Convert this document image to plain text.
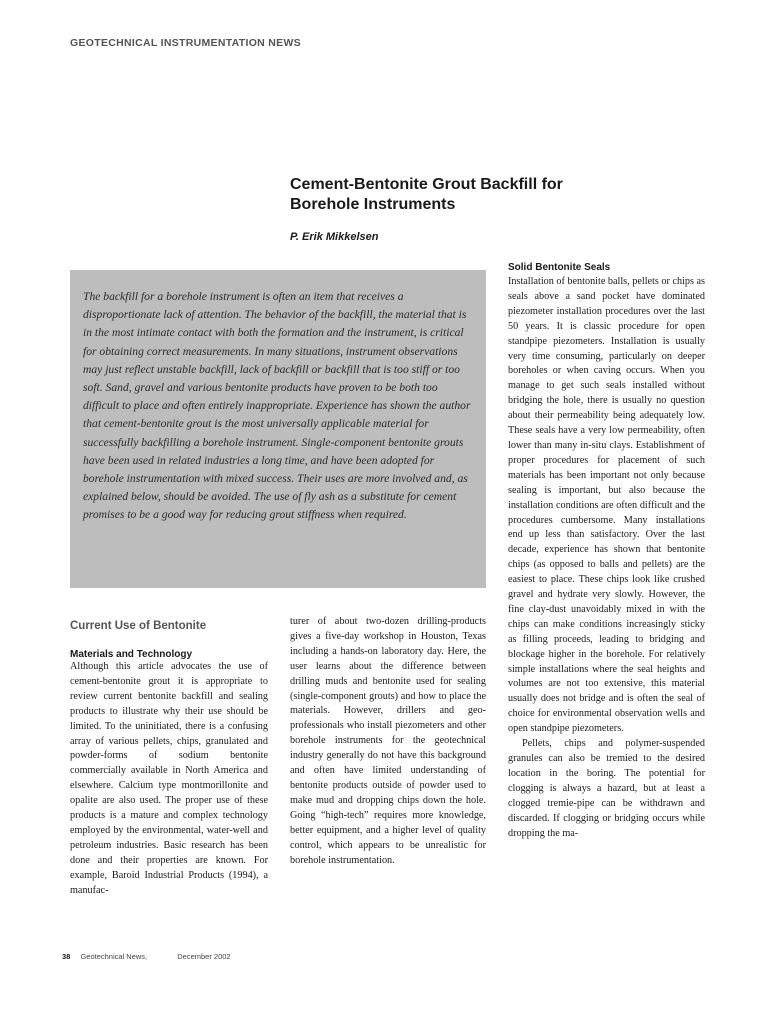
GEOTECHNICAL INSTRUMENTATION NEWS
Cement-Bentonite Grout Backfill for
Borehole Instruments
P. Erik Mikkelsen

The backfill for a borehole instrument is often an item that receives a disproportionate lack of attention. The behavior of the backfill, the material that is in the most intimate contact with both the formation and the instrument, is critical for obtaining correct measurements. In many situations, instrument observations may just reflect unstable backfill, lack of backfill or backfill that is too stiff or too soft. Sand, gravel and various bentonite products have proven to be both too difficult to place and often entirely inappropriate. Experience has shown the author that cement-bentonite grout is the most universally applicable material for successfully backfilling a borehole instrument. Single-component bentonite grouts have been used in related industries a long time, and have been adopted for borehole instrumentation with mixed success. Their uses are more involved and, as explained below, should be avoided. The use of fly ash as a substitute for cement promises to be a good way for reducing grout stiffness when required.

Current Use of Bentonite
Materials and Technology

Although this article advocates the use of cement-bentonite grout it is appropriate to review current bentonite backfill and sealing products to illustrate why their use should be limited. To the uninitiated, there is a confusing array of various pellets, chips, granulated and powder-forms of sodium bentonite commercially available in North America and elsewhere. Calcium type montmorillonite and opalite are also used. The proper use of these products is a mature and complex technology employed by the environmental, water-well and petroleum industries. Basic research has been done and their properties are known. For example, Baroid Industrial Products (1994), a manufac-

turer of about two-dozen drilling-products gives a five-day workshop in Houston, Texas including a hands-on laboratory day. Here, the user learns about the difference between drilling muds and bentonite used for sealing (single-component grouts) and how to place the materials. However, drillers and geo-professionals who install piezometers and other borehole instruments for the geotechnical industry generally do not have this background and often have limited understanding of bentonite products outside of powder used to make mud and dropping chips down the hole. Going “high-tech” requires more knowledge, better equipment, and a higher level of quality control, which appears to be unrealistic for borehole instrumentation.

Solid Bentonite Seals

Installation of bentonite balls, pellets or chips as seals above a sand pocket have dominated piezometer installation procedures over the last 50 years. It is classic procedure for open standpipe piezometers. Installation is usually very time consuming, particularly on deeper boreholes or when caving occurs. When you manage to get such seals installed without bridging the hole, there is usually no question about their permeability being adequately low. These seals have a very low permeability, often lower than many in-situ clays. Establishment of proper procedures for placement of such materials has been important not only because sealing is important, but also because the installation conditions are often difficult and the procedures cumbersome. Many installations end up less than satisfactory. Over the last decade, experience has shown that bentonite chips (as opposed to balls and pellets) are the easiest to place. These chips look like crushed gravel and hydrate very slowly. However, the fine clay-dust unavoidably mixed in with the chips can make conditions increasingly sticky as filling proceeds, leading to bridging and blockage higher in the borehole. For relatively simple installations where the seal heights and volumes are not too extensive, this material usually does not bridge and is often the seal of choice for environmental observation wells and open standpipe piezometers.

Pellets, chips and polymer-suspended granules can also be tremied to the desired location in the boring. The potential for clogging is always a hazard, but at least a clogged tremie-pipe can be withdrawn and discarded. If clogging or bridging occurs while dropping the ma-

38 Geotechnical News,	December 2002
